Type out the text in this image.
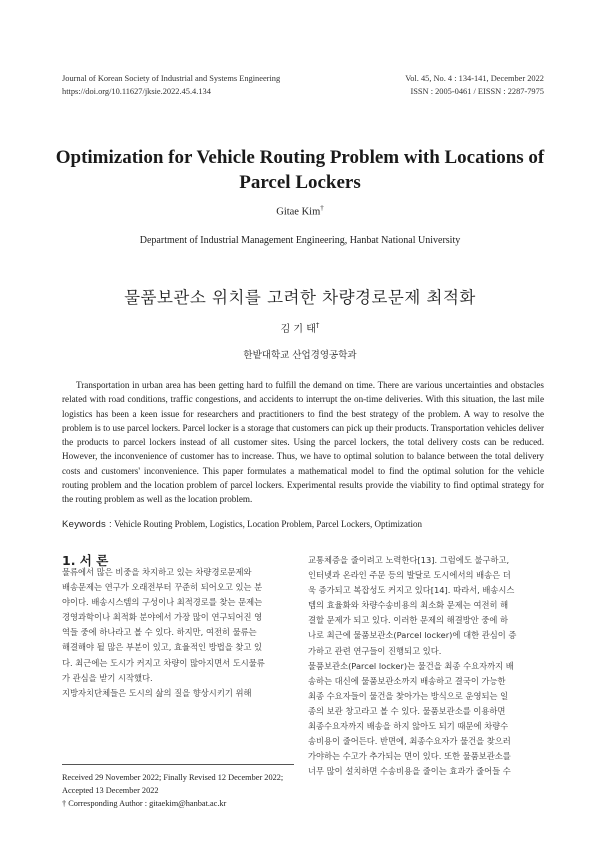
Journal of Korean Society of Industrial and Systems Engineering
https://doi.org/10.11627/jksie.2022.45.4.134
Vol. 45, No. 4 : 134-141, December 2022
ISSN : 2005-0461 / EISSN : 2287-7975
Optimization for Vehicle Routing Problem with Locations of
Parcel Lockers
Gitae Kim†
Department of Industrial Management Engineering, Hanbat National University
물품보관소 위치를 고려한 차량경로문제 최적화
김 기 태†
한밭대학교 산업경영공학과
Transportation in urban area has been getting hard to fulfill the demand on time. There are various uncertainties and obstacles related with road conditions, traffic congestions, and accidents to interrupt the on-time deliveries. With this situation, the last mile logistics has been a keen issue for researchers and practitioners to find the best strategy of the problem. A way to resolve the problem is to use parcel lockers. Parcel locker is a storage that customers can pick up their products. Transportation vehicles deliver the products to parcel lockers instead of all customer sites. Using the parcel lockers, the total delivery costs can be reduced. However, the inconvenience of customer has to increase. Thus, we have to optimal solution to balance between the total delivery costs and customers' inconvenience. This paper formulates a mathematical model to find the optimal solution for the vehicle routing problem and the location problem of parcel lockers. Experimental results provide the viability to find optimal strategy for the routing problem as well as the location problem.
Keywords : Vehicle Routing Problem, Logistics, Location Problem, Parcel Lockers, Optimization
1. 서 론
물류에서 많은 비중을 차지하고 있는 차량경로문제와
배송문제는 연구가 오래전부터 꾸준히 되어오고 있는 분
야이다. 배송시스템의 구성이나 최적경로를 찾는 문제는
경영과학이나 최적화 분야에서 가장 많이 연구되어진 영
역들 중에 하나라고 볼 수 있다. 하지만, 여전히 물류는
해결해야 될 많은 부분이 있고, 효율적인 방법을 찾고 있
다. 최근에는 도시가 커지고 차량이 많아지면서 도시물류
가 관심을 받기 시작했다.
지방자치단체들은 도시의 삶의 질을 향상시키기 위해
교통체증을 줄이려고 노력한다[13]. 그럼에도 불구하고,
인터넷과 온라인 주문 등의 발달로 도시에서의 배송은 더
욱 증가되고 복잡성도 커지고 있다[14]. 따라서, 배송시스
템의 효율화와 차량수송비용의 최소화 문제는 여전히 해
결할 문제가 되고 있다. 이러한 문제의 해결방안 중에 하
나로 최근에 물품보관소(Parcel locker)에 대한 관심이 증
가하고 관련 연구들이 진행되고 있다.
물품보관소(Parcel locker)는 물건을 최종 수요자까지 배
송하는 대신에 물품보관소까지 배송하고 결국이 가능한
최종 수요자들이 물건을 찾아가는 방식으로 운영되는 일
종의 보관 창고라고 볼 수 있다. 물품보관소를 이용하면
최종수요자까지 배송을 하지 않아도 되기 때문에 차량수
송비용이 줄어든다. 반면에, 최종수요자가 물건을 찾으러
가야하는 수고가 추가되는 면이 있다. 또한 물품보관소를
너무 많이 설치하면 수송비용을 줄이는 효과가 줄어들 수
Received 29 November 2022; Finally Revised 12 December 2022;
Accepted 13 December 2022
† Corresponding Author : gitaekim@hanbat.ac.kr
